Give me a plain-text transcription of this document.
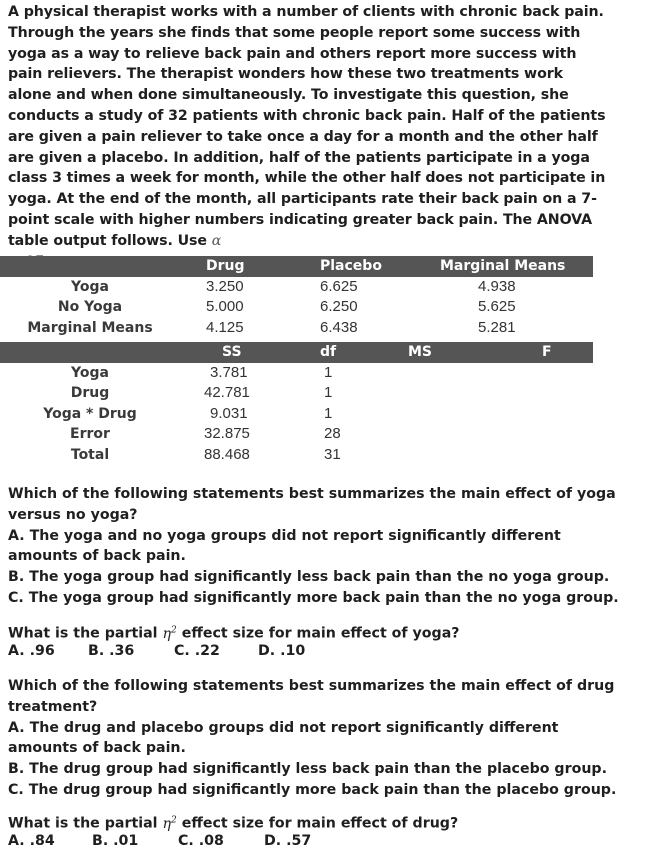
A physical therapist works with a number of clients with chronic back pain. Through the years she finds that some people report some success with yoga as a way to relieve back pain and others report more success with pain relievers. The therapist wonders how these two treatments work alone and when done simultaneously. To investigate this question, she conducts a study of 32 patients with chronic back pain. Half of the patients are given a pain reliever to take once a day for a month and the other half are given a placebo. In addition, half of the patients participate in a yoga class 3 times a week for month, while the other half does not participate in yoga. At the end of the month, all participants rate their back pain on a 7-point scale with higher numbers indicating greater back pain. The ANOVA table output follows. Use α

	Drug	Placebo	Marginal Means
Yoga	3.250	6.625	4.938
No Yoga	5.000	6.250	5.625
Marginal Means	4.125	6.438	5.281
	SS	df	MS	F
Yoga	3.781	1		
Drug	42.781	1		
Yoga * Drug	9.031	1		
Error	32.875	28		
Total	88.468	31		
Which of the following statements best summarizes the main effect of yoga versus no yoga?
A. The yoga and no yoga groups did not report significantly different amounts of back pain.
B. The yoga group had significantly less back pain than the no yoga group.
C. The yoga group had significantly more back pain than the no yoga group.
What is the partial $\eta^2$ effect size for main effect of yoga?
A. .96 B. .36	C. .22	D. .10
Which of the following statements best summarizes the main effect of drug treatment?
A. The drug and placebo groups did not report significantly different amounts of back pain.
B. The drug group had significantly less back pain than the placebo group.
C. The drug group had significantly more back pain than the placebo group.
What is the partial $\eta^2$ effect size for main effect of drug?
A. .84	B. .01	C. .08	D. .57
